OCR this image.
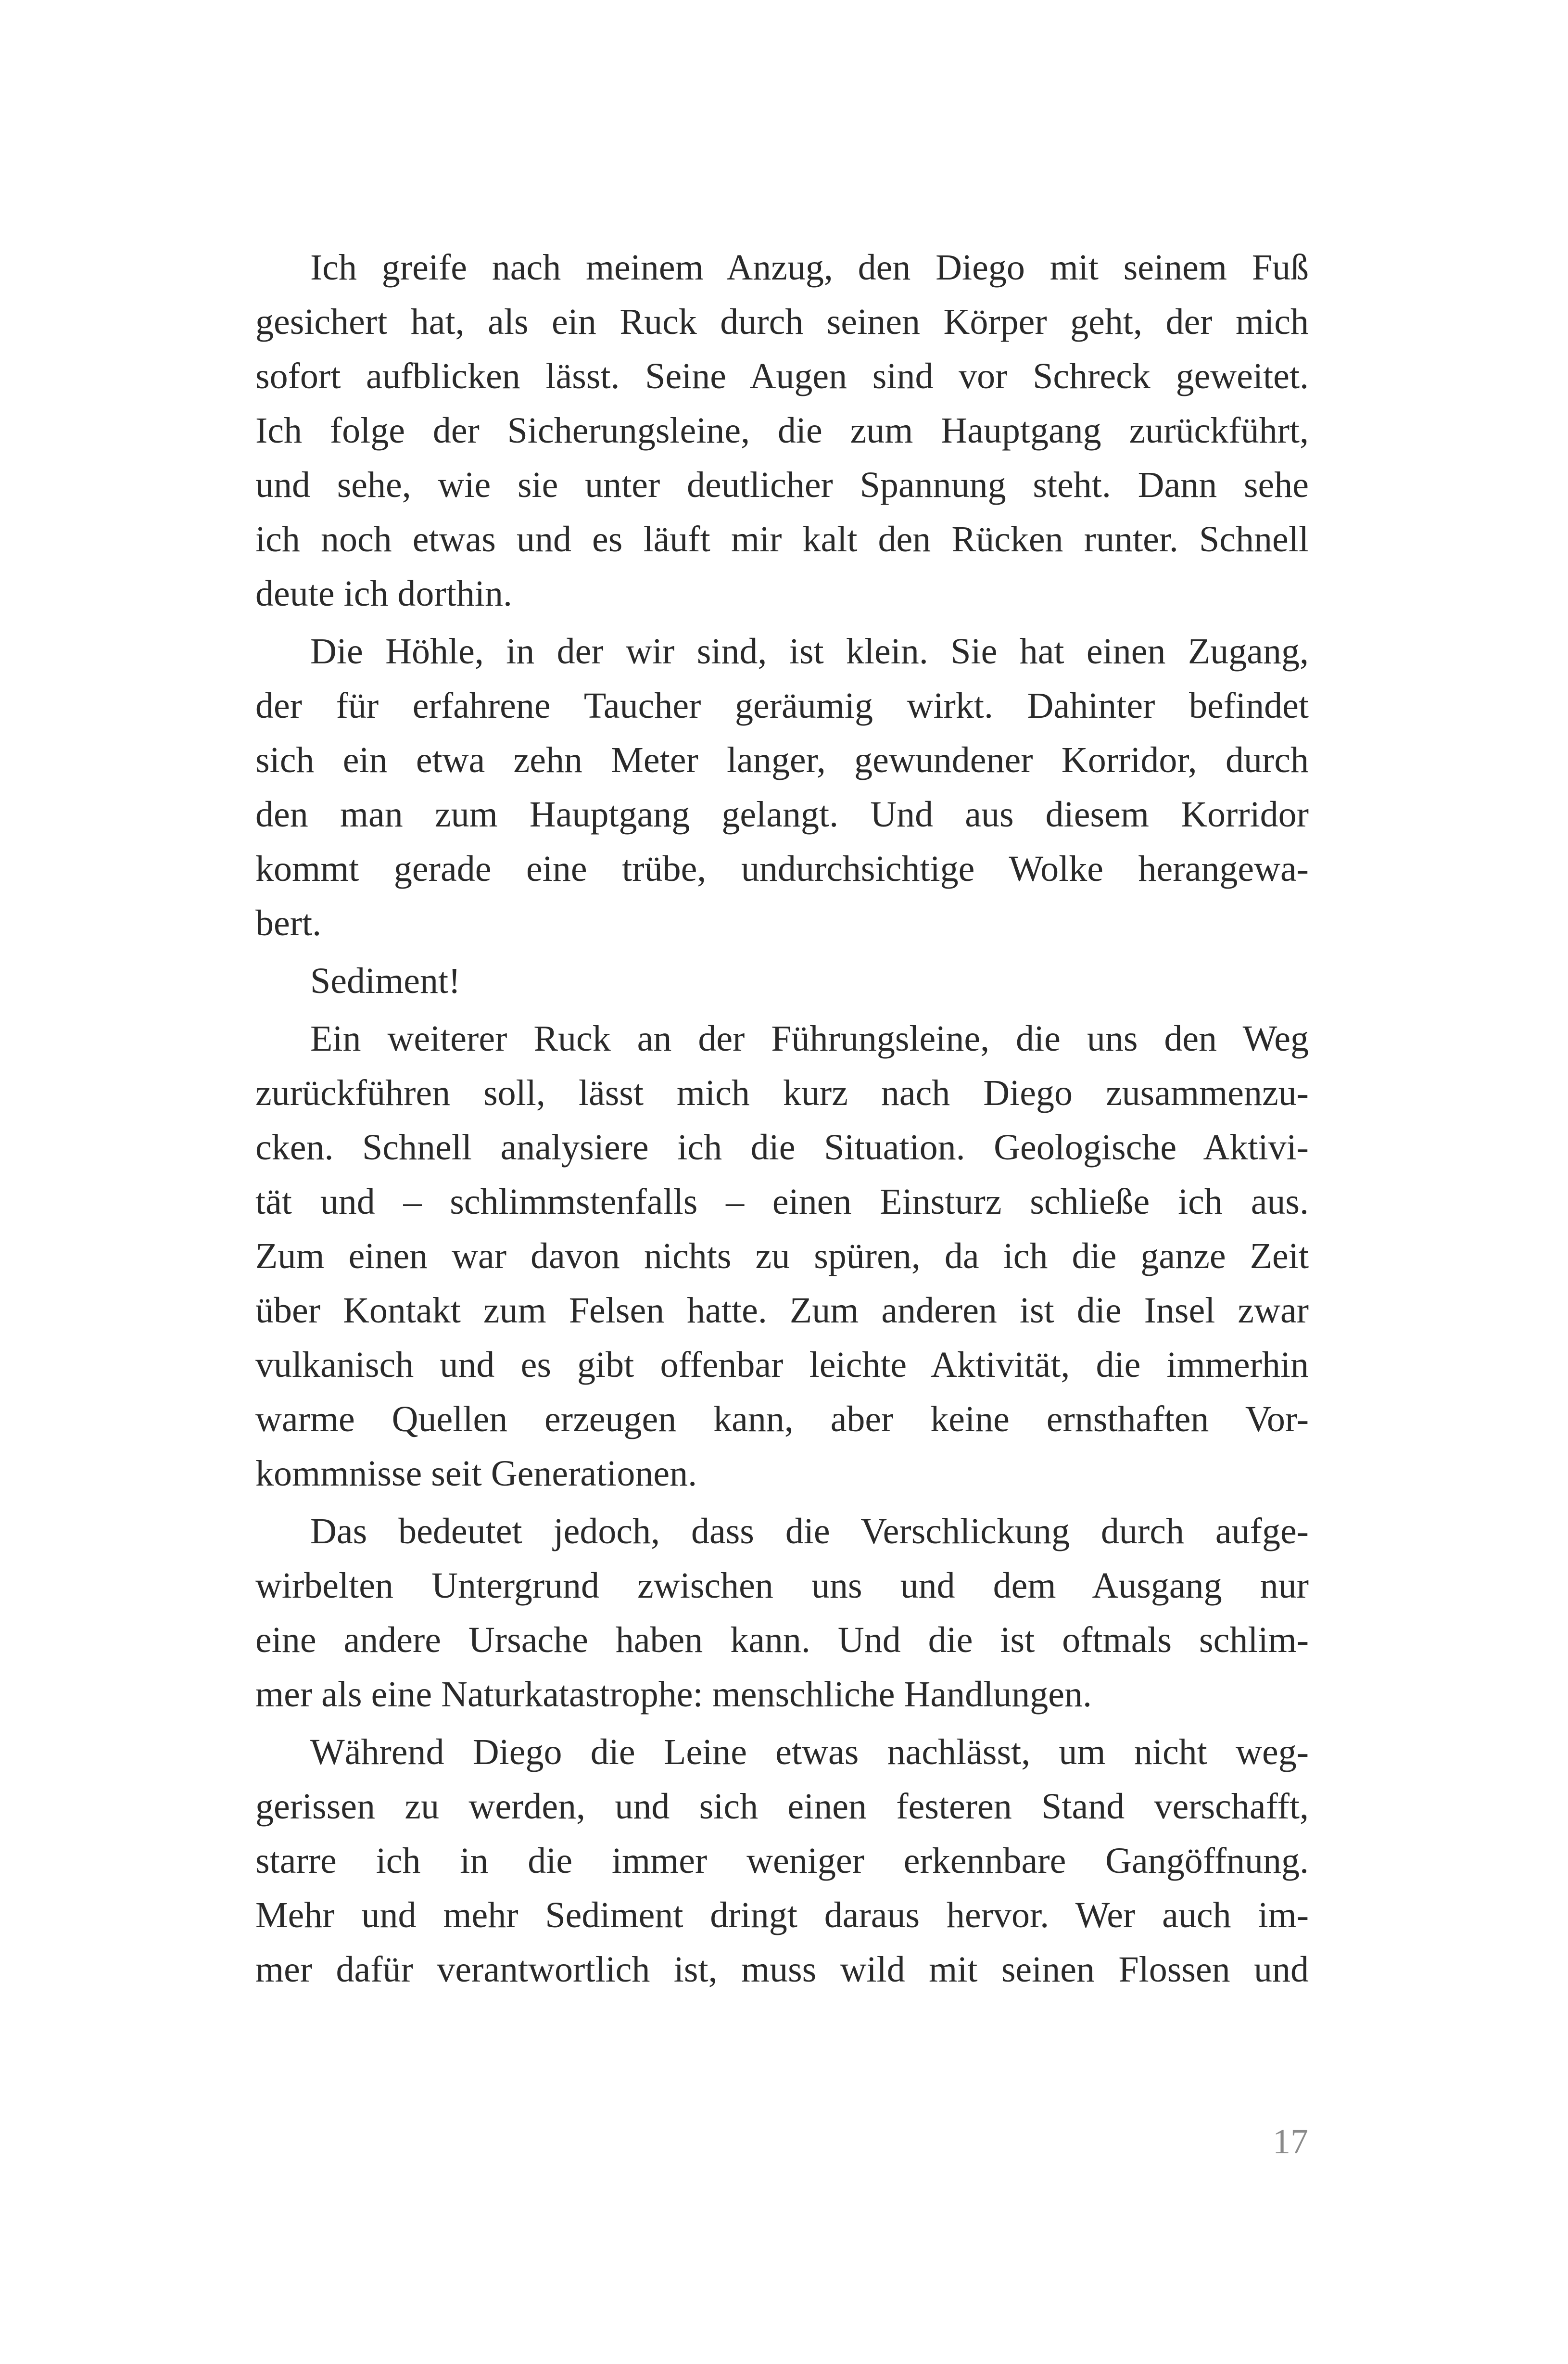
Ich greife nach meinem Anzug, den Diego mit seinem Fuß
gesichert hat, als ein Ruck durch seinen Körper geht, der mich
sofort aufblicken lässt. Seine Augen sind vor Schreck geweitet.
Ich folge der Sicherungsleine, die zum Hauptgang zurückführt,
und sehe, wie sie unter deutlicher Spannung steht. Dann sehe
ich noch etwas und es läuft mir kalt den Rücken runter. Schnell
deute ich dorthin.
Die Höhle, in der wir sind, ist klein. Sie hat einen Zugang,
der für erfahrene Taucher geräumig wirkt. Dahinter befindet
sich ein etwa zehn Meter langer, gewundener Korridor, durch
den man zum Hauptgang gelangt. Und aus diesem Korridor
kommt gerade eine trübe, undurchsichtige Wolke herangewa-
bert.
Sediment!
Ein weiterer Ruck an der Führungsleine, die uns den Weg
zurückführen soll, lässt mich kurz nach Diego zusammenzu-
cken. Schnell analysiere ich die Situation. Geologische Aktivi-
tät und – schlimmstenfalls – einen Einsturz schließe ich aus.
Zum einen war davon nichts zu spüren, da ich die ganze Zeit
über Kontakt zum Felsen hatte. Zum anderen ist die Insel zwar
vulkanisch und es gibt offenbar leichte Aktivität, die immerhin
warme Quellen erzeugen kann, aber keine ernsthaften Vor-
kommnisse seit Generationen.
Das bedeutet jedoch, dass die Verschlickung durch aufge-
wirbelten Untergrund zwischen uns und dem Ausgang nur
eine andere Ursache haben kann. Und die ist oftmals schlim-
mer als eine Naturkatastrophe: menschliche Handlungen.
Während Diego die Leine etwas nachlässt, um nicht weg-
gerissen zu werden, und sich einen festeren Stand verschafft,
starre ich in die immer weniger erkennbare Gangöffnung.
Mehr und mehr Sediment dringt daraus hervor. Wer auch im-
mer dafür verantwortlich ist, muss wild mit seinen Flossen und
17
